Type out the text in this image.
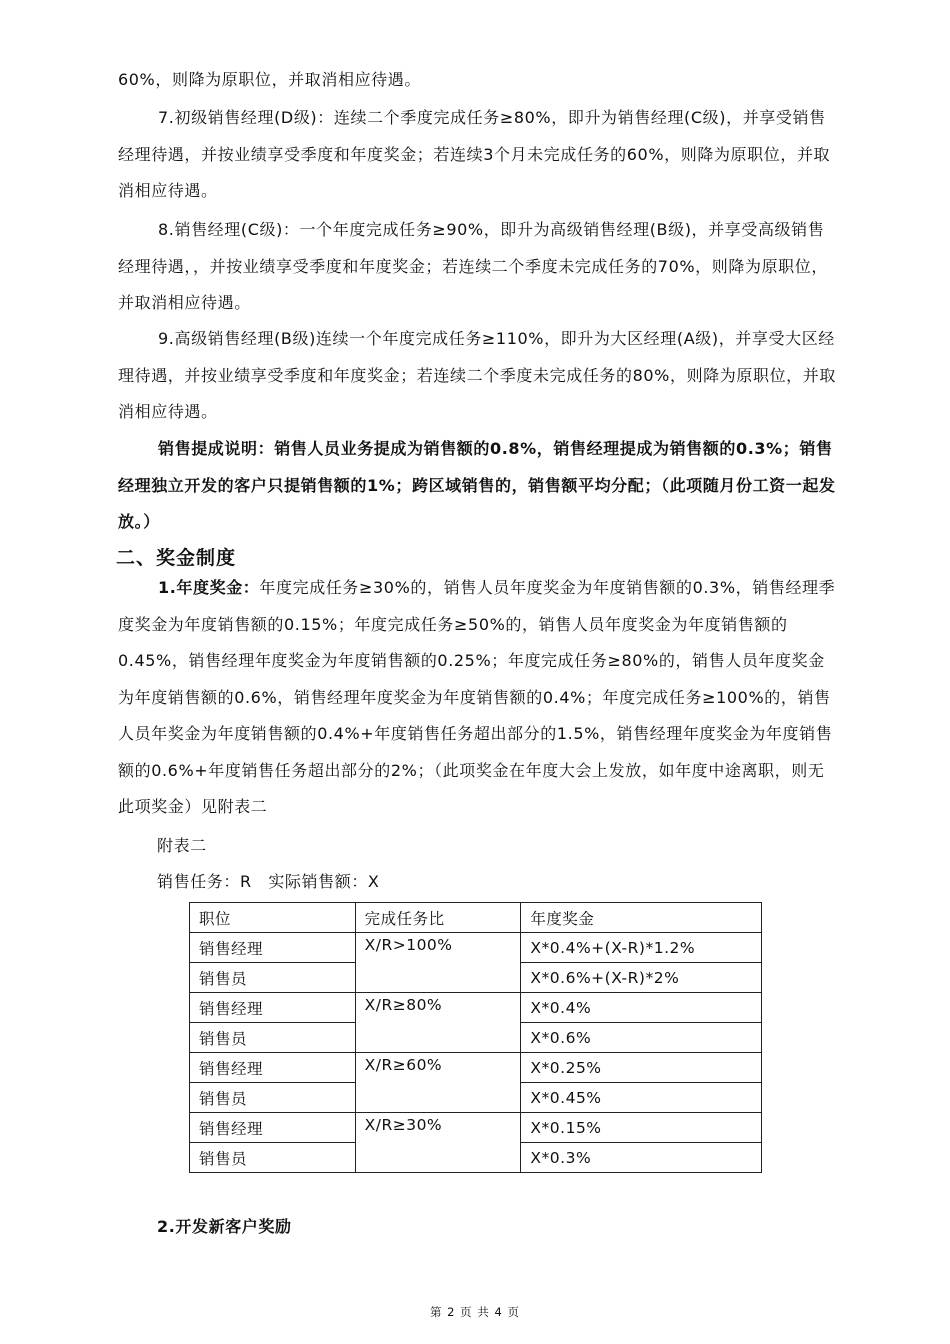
60%，则降为原职位，并取消相应待遇。

7.初级销售经理(D级)：连续二个季度完成任务≥80%，即升为销售经理(C级)，并享受销售经理待遇，并按业绩享受季度和年度奖金；若连续3个月未完成任务的60%，则降为原职位，并取消相应待遇。

8.销售经理(C级)：一个年度完成任务≥90%，即升为高级销售经理(B级)，并享受高级销售经理待遇，，并按业绩享受季度和年度奖金；若连续二个季度未完成任务的70%，则降为原职位，并取消相应待遇。

9.高级销售经理(B级)连续一个年度完成任务≥110%，即升为大区经理(A级)，并享受大区经理待遇，并按业绩享受季度和年度奖金；若连续二个季度未完成任务的80%，则降为原职位，并取消相应待遇。

销售提成说明：销售人员业务提成为销售额的0.8%，销售经理提成为销售额的0.3%；销售经理独立开发的客户只提销售额的1%；跨区域销售的，销售额平均分配；（此项随月份工资一起发放。）

二、奖金制度

1.年度奖金：年度完成任务≥30%的，销售人员年度奖金为年度销售额的0.3%，销售经理季度奖金为年度销售额的0.15%；年度完成任务≥50%的，销售人员年度奖金为年度销售额的0.45%，销售经理年度奖金为年度销售额的0.25%；年度完成任务≥80%的，销售人员年度奖金为年度销售额的0.6%，销售经理年度奖金为年度销售额的0.4%；年度完成任务≥100%的，销售人员年奖金为年度销售额的0.4%+年度销售任务超出部分的1.5%，销售经理年度奖金为年度销售额的0.6%+年度销售任务超出部分的2%；（此项奖金在年度大会上发放，如年度中途离职，则无此项奖金）见附表二

附表二

销售任务：R　实际销售额：X

职位	完成任务比	年度奖金
销售经理	X/R>100%	X*0.4%+(X-R)*1.2%
销售员		X*0.6%+(X-R)*2%
销售经理	X/R≥80%	X*0.4%
销售员		X*0.6%
销售经理	X/R≥60%	X*0.25%
销售员		X*0.45%
销售经理	X/R≥30%	X*0.15%
销售员		X*0.3%

2.开发新客户奖励

第 2 页 共 4 页
